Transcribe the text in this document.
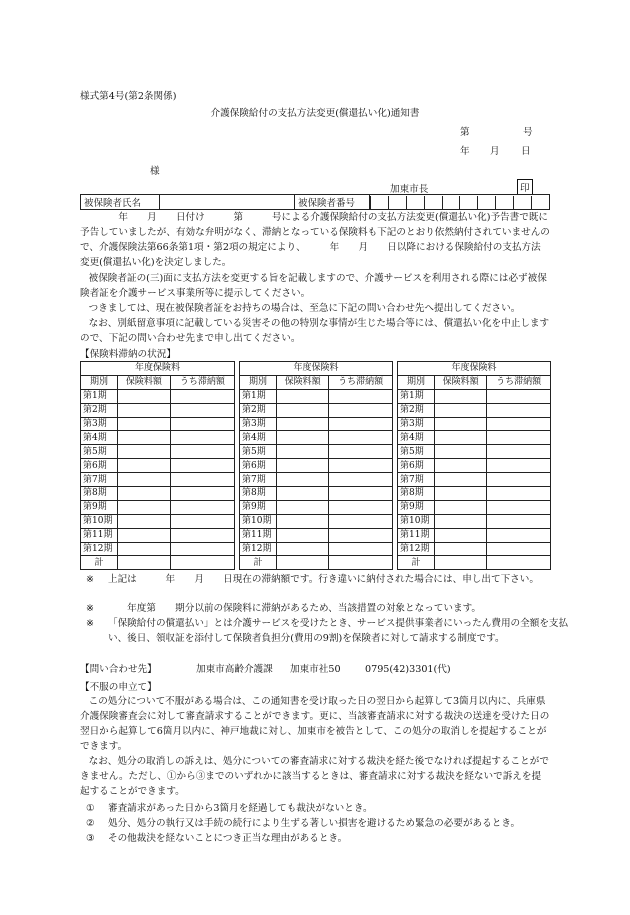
様式第4号(第2条関係)
介護保険給付の支払方法変更(償還払い化)通知書
第	号
年 月 日
様
加東市長	印
被保険者氏名		被保険者番号	

年　　月　　日付け　　　第　　　号による介護保険給付の支払方法変更(償還払い化)予告書で既に予告していましたが、有効な弁明がなく、滞納となっている保険料も下記のとおり依然納付されていませんので、介護保険法第66条第1項・第2項の規定により、　　　年　　月　　日以降における保険給付の支払方法変更(償還払い化)を決定しました。
被保険者証の(三)面に支払方法を変更する旨を記載しますので、介護サービスを利用される際には必ず被保険者証を介護サービス事業所等に提示してください。
つきましては、現在被保険者証をお持ちの場合は、至急に下記の問い合わせ先へ提出してください。
なお、別紙留意事項に記載している災害その他の特別な事情が生じた場合等には、償還払い化を中止しますので、下記の問い合わせ先まで申し出てください。
【保険料滞納の状況】
年度保険料		
期別	保険料額	うち滞納額
第1期		
第2期		
第3期		
第4期		
第5期		
第6期		
第7期		
第8期		
第9期		
第10期		
第11期		
第12期		
計		
年度保険料		
期別	保険料額	うち滞納額
第1期		
第2期		
第3期		
第4期		
第5期		
第6期		
第7期		
第8期		
第9期		
第10期		
第11期		
第12期		
計		
年度保険料		
期別	保険料額	うち滞納額
第1期		
第2期		
第3期		
第4期		
第5期		
第6期		
第7期		
第8期		
第9期		
第10期		
第11期		
第12期		
計		
※ 上記は　　　年　　月　　日現在の滞納額です。行き違いに納付された場合には、申し出て下さい。
※　　年度第　　期分以前の保険料に滞納があるため、当該措置の対象となっています。
※ 「保険給付の償還払い」とは介護サービスを受けたとき、サービス提供事業者にいったん費用の全額を支払い、後日、領収証を添付して保険者負担分(費用の9割)を保険者に対して請求する制度です。
【問い合わせ先】	加東市高齢介護課 加東市社50	0795(42)3301(代)
【不服の申立て】
この処分について不服がある場合は、この通知書を受け取った日の翌日から起算して3箇月以内に、兵庫県介護保険審査会に対して審査請求することができます。更に、当該審査請求に対する裁決の送達を受けた日の翌日から起算して6箇月以内に、神戸地裁に対し、加東市を被告として、この処分の取消しを提起することができます。
なお、処分の取消しの訴えは、処分についての審査請求に対する裁決を経た後でなければ提起することができません。ただし、①から③までのいずれかに該当するときは、審査請求に対する裁決を経ないで訴えを提起することができます。
① 審査請求があった日から3箇月を経過しても裁決がないとき。
② 処分、処分の執行又は手続の続行により生ずる著しい損害を避けるため緊急の必要があるとき。
③ その他裁決を経ないことにつき正当な理由があるとき。
